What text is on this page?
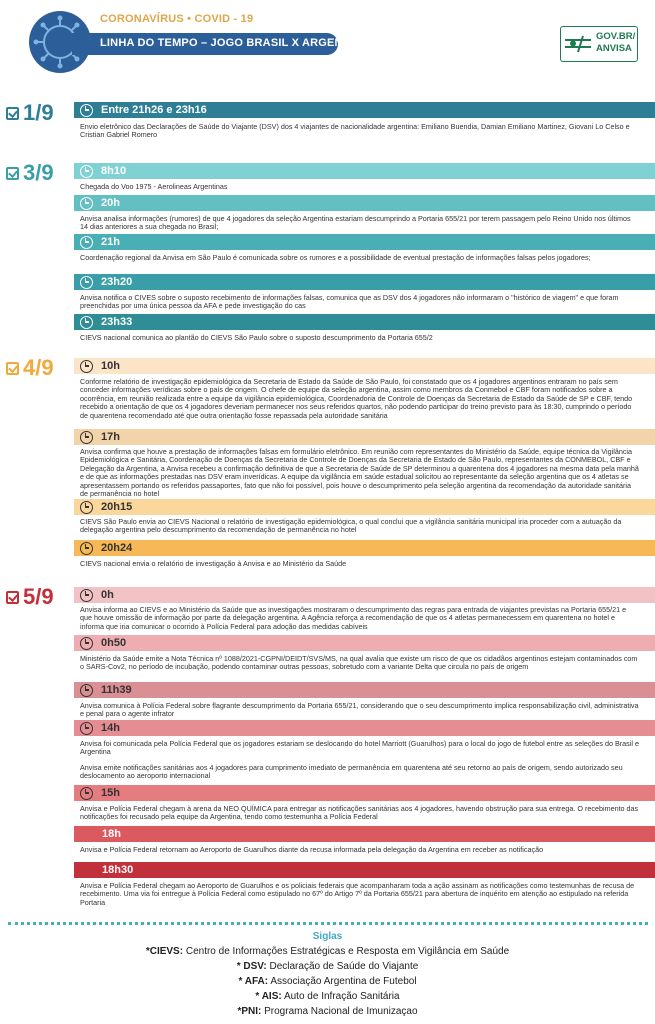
CORONAVÍRUS • COVID - 19
LINHA DO TEMPO – JOGO BRASIL X ARGENTINA
GOV.BR/
ANVISA
1/9	Entre 21h26 e 23h16
Envio eletrônico das Declarações de Saúde do Viajante (DSV) dos 4 viajantes de nacionalidade argentina: Emiliano Buendia, Damian Emiliano Martinez, Giovani Lo Celso e Cristian Gabriel Romero
3/9	8h10
Chegada do Voo 1975 - Aerolineas Argentinas
20h
Anvisa analisa informações (rumores) de que 4 jogadores da seleção Argentina estariam descumprindo a Portaria 655/21 por terem passagem pelo Reino Unido nos últimos 14 dias anteriores a sua chegada no Brasil;
21h
Coordenação regional da Anvisa em São Paulo é comunicada sobre os rumores e a possibilidade de eventual prestação de informações falsas pelos jogadores;
23h20
Anvisa notifica o CIVES sobre o suposto recebimento de informações falsas, comunica que as DSV dos 4 jogadores não informaram o "histórico de viagem" e que foram preenchidas por uma única pessoa da AFA e pede investigação do cas
23h33
CIEVS nacional comunica ao plantão do CIEVS São Paulo sobre o suposto descumprimento da Portaria 655/2
4/9	10h
Conforme relatório de investigação epidemiológica da Secretaria de Estado da Saúde de São Paulo, foi constatado que os 4 jogadores argentinos entraram no país sem conceder informações verídicas sobre o país de origem. O chefe de equipe da seleção argentina, assim como membros da Conmebol e CBF foram notificados sobre a ocorrência, em reunião realizada entre a equipe da vigilância epidemiológica, Coordenadoria de Controle de Doenças da Secretaria de Estado da Saúde de SP e CBF, tendo recebido a orientação de que os 4 jogadores deveriam permanecer nos seus referidos quartos, não podendo participar do treino previsto para às 18:30, cumprindo o período de quarentena recomendado até que outra orientação fosse repassada pela autoridade sanitária
17h
Anvisa confirma que houve a prestação de informações falsas em formulário eletrônico. Em reunião com representantes do Ministério da Saúde, equipe técnica da Vigilância Epidemiológica e Sanitária, Coordenação de Doenças da Secretaria de Controle de Doenças da Secretaria de Estado de São Paulo, representantes da CONMEBOL, CBF e Delegação da Argentina, a Anvisa recebeu a confirmação definitiva de que a Secretaria de Saúde de SP determinou a quarentena dos 4 jogadores na mesma data pela manhã e de que as informações prestadas nas DSV eram inverídicas. A equipe da vigilância em saúde estadual solicitou ao representante da seleção argentina que os 4 atletas se apresentassem portando os referidos passaportes, fato que não foi possível, pois houve o descumprimento pela seleção argentina da recomendação da autoridade sanitária de permanência no hotel
20h15
CIEVS São Paulo envia ao CIEVS Nacional o relatório de investigação epidemiológica, o qual conclui que a vigilância sanitária municipal iria proceder com a autuação da delegação argentina pelo descumprimento da recomendação de permanência no hotel
20h24
CIEVS nacional envia o relatório de investigação à Anvisa e ao Ministério da Saúde
5/9	0h
Anvisa informa ao CIEVS e ao Ministério da Saúde que as investigações mostraram o descumprimento das regras para entrada de viajantes previstas na Portaria 655/21 e que houve omissão de informação por parte da delegação argentina. A Agência reforça a recomendação de que os 4 atletas permanecessem em quarentena no hotel e informa que iria comunicar o ocorrido à Polícia Federal para adoção das medidas cabíveis
0h50
Ministério da Saúde emite a Nota Técnica nº 1088/2021-CGPNI/DEIDT/SVS/MS, na qual avalia que existe um risco de que os cidadãos argentinos estejam contaminados com o SARS-Cov2, no período de incubação, podendo contaminar outras pessoas, sobretudo com a variante Delta que circula no país de origem
11h39
Anvisa comunica à Polícia Federal sobre flagrante descumprimento da Portaria 655/21, considerando que o seu descumprimento implica responsabilização civil, administrativa e penal para o agente infrator
14h
Anvisa foi comunicada pela Polícia Federal que os jogadores estariam se deslocando do hotel Marriott (Guarulhos) para o local do jogo de futebol entre as seleções do Brasil e Argentina
Anvisa emite notificações sanitárias aos 4 jogadores para cumprimento imediato de permanência em quarentena até seu retorno ao país de origem, sendo autorizado seu deslocamento ao aeroporto internacional
15h
Anvisa e Polícia Federal chegam à arena da NEO QUÍMICA para entregar as notificações sanitárias aos 4 jogadores, havendo obstrução para sua entrega. O recebimento das notificações foi recusado pela equipe da Argentina, tendo como testemunha a Polícia Federal
18h
Anvisa e Polícia Federal retornam ao Aeroporto de Guarulhos diante da recusa informada pela delegação da Argentina em receber as notificação
18h30
Anvisa e Polícia Federal chegam ao Aeroporto de Guarulhos e os policiais federais que acompanharam toda a ação assinam as notificações como testemunhas de recusa de recebimento. Uma via foi entregue à Polícia Federal como estipulado no 67º do Artigo 7º da Portaria 655/21 para abertura de inquérito em atenção ao estipulado na referida Portaria
Siglas
*CIEVS: Centro de Informações Estratégicas e Resposta em Vigilância em Saúde
* DSV: Declaração de Saúde do Viajante
* AFA: Associação Argentina de Futebol
* AIS: Auto de Infração Sanitária
*PNI: Programa Nacional de Imunizaçao
